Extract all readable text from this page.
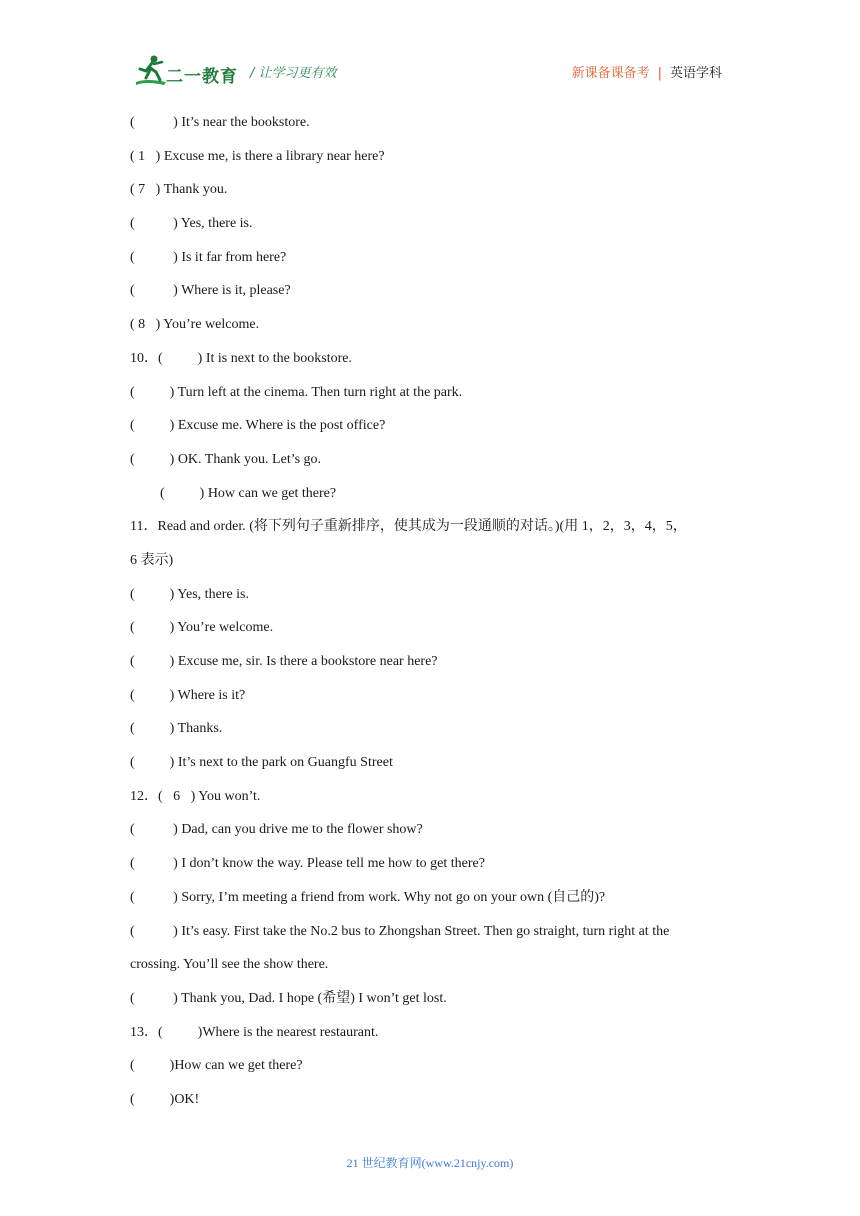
二一教育 / 让学习更有效	新课备课备考 | 英语学科
(           ) It’s near the bookstore.
( 1   ) Excuse me, is there a library near here?
( 7   ) Thank you.
(           ) Yes, there is.
(           ) Is it far from here?
(           ) Where is it, please?
( 8   ) You’re welcome.
10．(          ) It is next to the bookstore.
(          ) Turn left at the cinema. Then turn right at the park.
(          ) Excuse me. Where is the post office?
(          ) OK. Thank you. Let’s go.
(          ) How can we get there?
11．Read and order. (将下列句子重新排序，使其成为一段通顺的对话。)(用 1，2，3，4，5，
6 表示)
(          ) Yes, there is.
(          ) You’re welcome.
(          ) Excuse me, sir. Is there a bookstore near here?
(          ) Where is it?
(          ) Thanks.
(          ) It’s next to the park on Guangfu Street
12．(   6   ) You won’t.
(           ) Dad, can you drive me to the flower show?
(           ) I don’t know the way. Please tell me how to get there?
(           ) Sorry, I’m meeting a friend from work. Why not go on your own (自己的)?
(           ) It’s easy. First take the No.2 bus to Zhongshan Street. Then go straight, turn right at the
crossing. You’ll see the show there.
(           ) Thank you, Dad. I hope (希望) I won’t get lost.
13．(          )Where is the nearest restaurant.
(          )How can we get there?
(          )OK!
21 世纪教育网(www.21cnjy.com)
